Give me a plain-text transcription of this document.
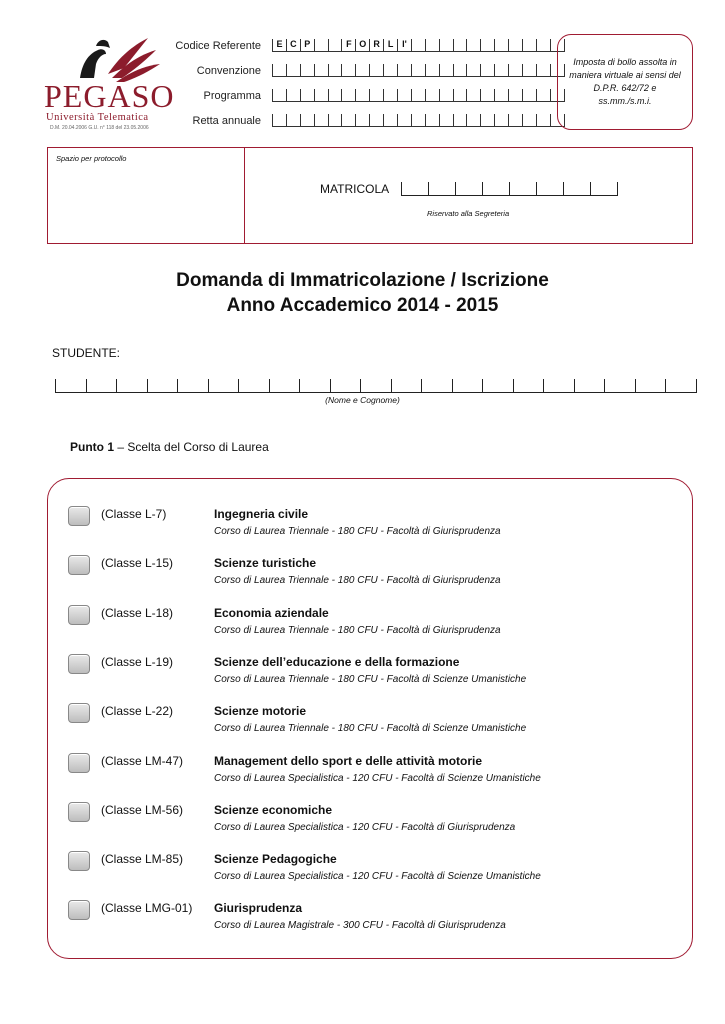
PEGASO
Università Telematica
D.M. 20.04.2006 G.U. n° 118 del 23.05.2006
Codice Referente	E C P	F O R L I'
Convenzione
Programma
Retta annuale
Imposta di bollo assolta in maniera virtuale ai sensi del D.P.R. 642/72 e ss.mm./s.m.i.
Spazio per protocollo
MATRICOLA
Riservato alla Segreteria
Domanda di Immatricolazione / Iscrizione
Anno Accademico 2014 - 2015
STUDENTE:
(Nome e Cognome)
Punto 1 – Scelta del Corso di Laurea
(Classe L-7)	Ingegneria civile
Corso di Laurea Triennale - 180 CFU - Facoltà di Giurisprudenza
(Classe L-15)	Scienze turistiche
Corso di Laurea Triennale - 180 CFU - Facoltà di Giurisprudenza
(Classe L-18)	Economia aziendale
Corso di Laurea Triennale - 180 CFU - Facoltà di Giurisprudenza
(Classe L-19)	Scienze dell’educazione e della formazione
Corso di Laurea Triennale - 180 CFU - Facoltà di Scienze Umanistiche
(Classe L-22)	Scienze motorie
Corso di Laurea Triennale - 180 CFU - Facoltà di Scienze Umanistiche
(Classe LM-47)	Management dello sport e delle attività motorie
Corso di Laurea Specialistica - 120 CFU - Facoltà di Scienze Umanistiche
(Classe LM-56)	Scienze economiche
Corso di Laurea Specialistica - 120 CFU - Facoltà di Giurisprudenza
(Classe LM-85)	Scienze Pedagogiche
Corso di Laurea Specialistica - 120 CFU - Facoltà di Scienze Umanistiche
(Classe LMG-01) Giurisprudenza
Corso di Laurea Magistrale - 300 CFU - Facoltà di Giurisprudenza
